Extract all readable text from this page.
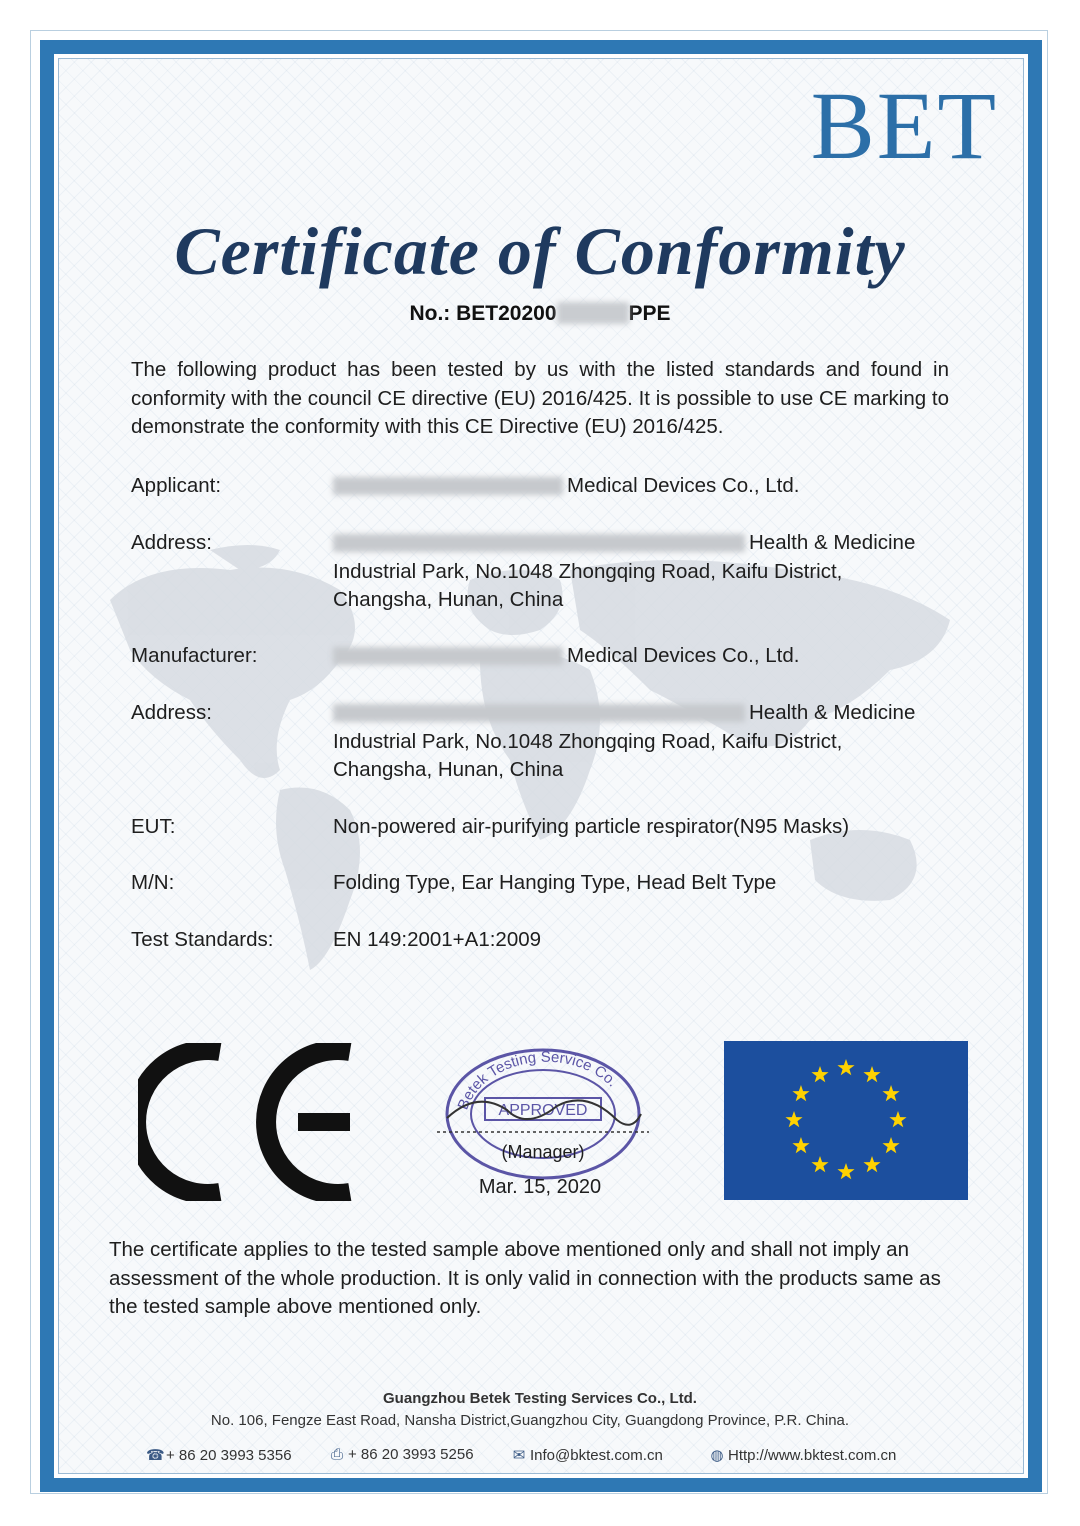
BET
Certificate of Conformity
No.: BET20200	PPE
The following product has been tested by us with the listed standards and found in conformity with the council CE directive (EU) 2016/425. It is possible to use CE marking to demonstrate the conformity with this CE Directive (EU) 2016/425.
Applicant:	Medical Devices Co., Ltd.
Address:	Health & Medicine
Industrial Park, No.1048 Zhongqing Road, Kaifu District,
Changsha, Hunan, China
Manufacturer:	Medical Devices Co., Ltd.
Address:	Health & Medicine
Industrial Park, No.1048 Zhongqing Road, Kaifu District,
Changsha, Hunan, China
EUT:	Non-powered air-purifying particle respirator(N95 Masks)
M/N:	Folding Type, Ear Hanging Type, Head Belt Type
Test Standards:	EN 149:2001+A1:2009
Betek Testing Service Co.
APPROVED
(Manager)
Mar. 15, 2020
The certificate applies to the tested sample above mentioned only and shall not imply an assessment of the whole production. It is only valid in connection with the products same as the tested sample above mentioned only.
Guangzhou Betek Testing Services Co., Ltd.
No. 106, Fengze East Road, Nansha District,Guangzhou City, Guangdong Province, P.R. China.
☎+ 86 20 3993 5356	⎙ + 86 20 3993 5256	✉ Info@bktest.com.cn	◍ Http://www.bktest.com.cn
